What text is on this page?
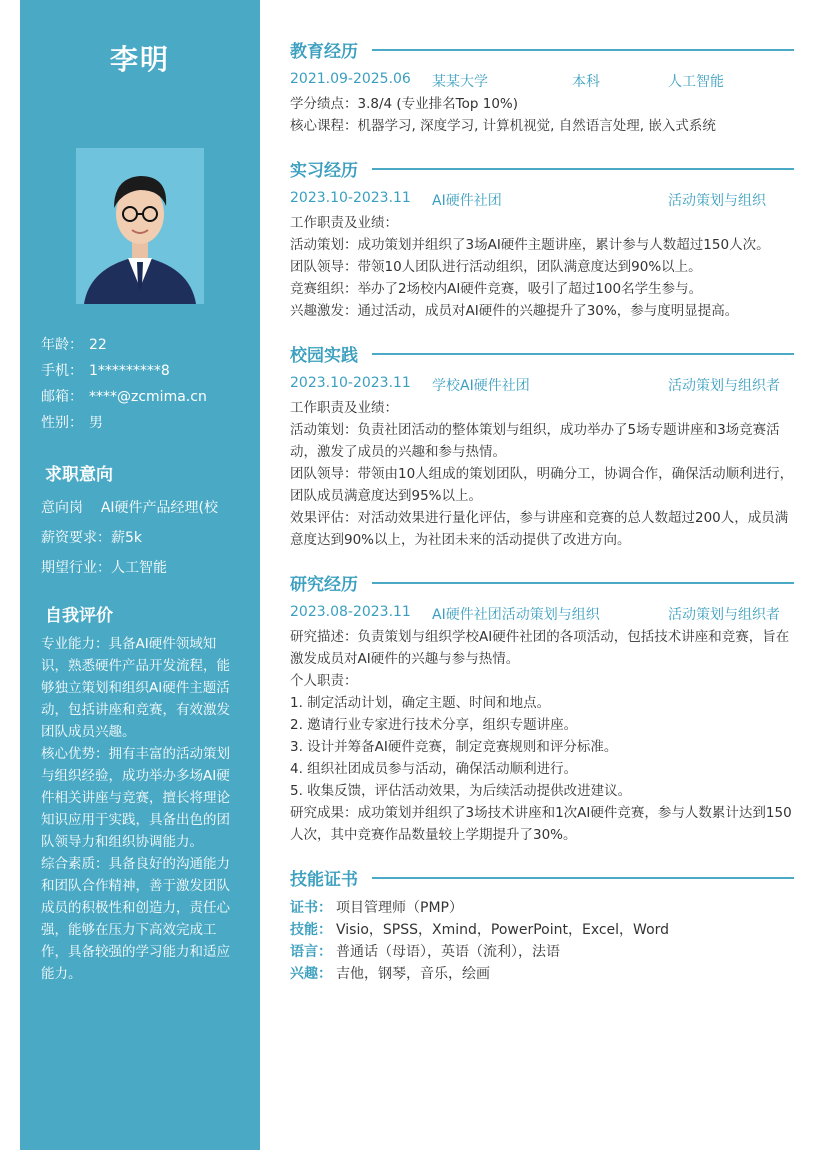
李明
年龄： 22
手机： 1*********8
邮箱： ****@zcmima.cn
性别： 男
求职意向
意向岗 AI硬件产品经理(校
薪资要求：薪5k
期望行业：人工智能
自我评价

专业能力：具备AI硬件领域知识，熟悉硬件产品开发流程，能够独立策划和组织AI硬件主题活动，包括讲座和竞赛，有效激发团队成员兴趣。

核心优势：拥有丰富的活动策划与组织经验，成功举办多场AI硬件相关讲座与竞赛，擅长将理论知识应用于实践，具备出色的团队领导力和组织协调能力。

综合素质：具备良好的沟通能力和团队合作精神，善于激发团队成员的积极性和创造力，责任心强，能够在压力下高效完成工作，具备较强的学习能力和适应能力。

教育经历
2021.09-2025.06 某某大学	本科	人工智能

学分绩点：3.8/4 (专业排名Top 10%)

核心课程：机器学习, 深度学习, 计算机视觉, 自然语言处理, 嵌入式系统

实习经历
2023.10-2023.11 AI硬件社团	活动策划与组织

工作职责及业绩：

活动策划：成功策划并组织了3场AI硬件主题讲座，累计参与人数超过150人次。

团队领导：带领10人团队进行活动组织，团队满意度达到90%以上。

竞赛组织：举办了2场校内AI硬件竞赛，吸引了超过100名学生参与。

兴趣激发：通过活动，成员对AI硬件的兴趣提升了30%，参与度明显提高。

校园实践
2023.10-2023.11 学校AI硬件社团	活动策划与组织者

工作职责及业绩：

活动策划：负责社团活动的整体策划与组织，成功举办了5场专题讲座和3场竞赛活动，激发了成员的兴趣和参与热情。

团队领导：带领由10人组成的策划团队，明确分工，协调合作，确保活动顺利进行，团队成员满意度达到95%以上。

效果评估：对活动效果进行量化评估，参与讲座和竞赛的总人数超过200人，成员满意度达到90%以上，为社团未来的活动提供了改进方向。

研究经历
2023.08-2023.11 AI硬件社团活动策划与组织	活动策划与组织者

研究描述：负责策划与组织学校AI硬件社团的各项活动，包括技术讲座和竞赛，旨在激发成员对AI硬件的兴趣与参与热情。

个人职责：

1. 制定活动计划，确定主题、时间和地点。

2. 邀请行业专家进行技术分享，组织专题讲座。

3. 设计并筹备AI硬件竞赛，制定竞赛规则和评分标准。

4. 组织社团成员参与活动，确保活动顺利进行。

5. 收集反馈，评估活动效果，为后续活动提供改进建议。

研究成果：成功策划并组织了3场技术讲座和1次AI硬件竞赛，参与人数累计达到150人次，其中竞赛作品数量较上学期提升了30%。

技能证书
证书： 项目管理师（PMP）
技能： Visio，SPSS，Xmind，PowerPoint，Excel，Word
语言： 普通话（母语），英语（流利），法语
兴趣： 吉他，钢琴，音乐，绘画
